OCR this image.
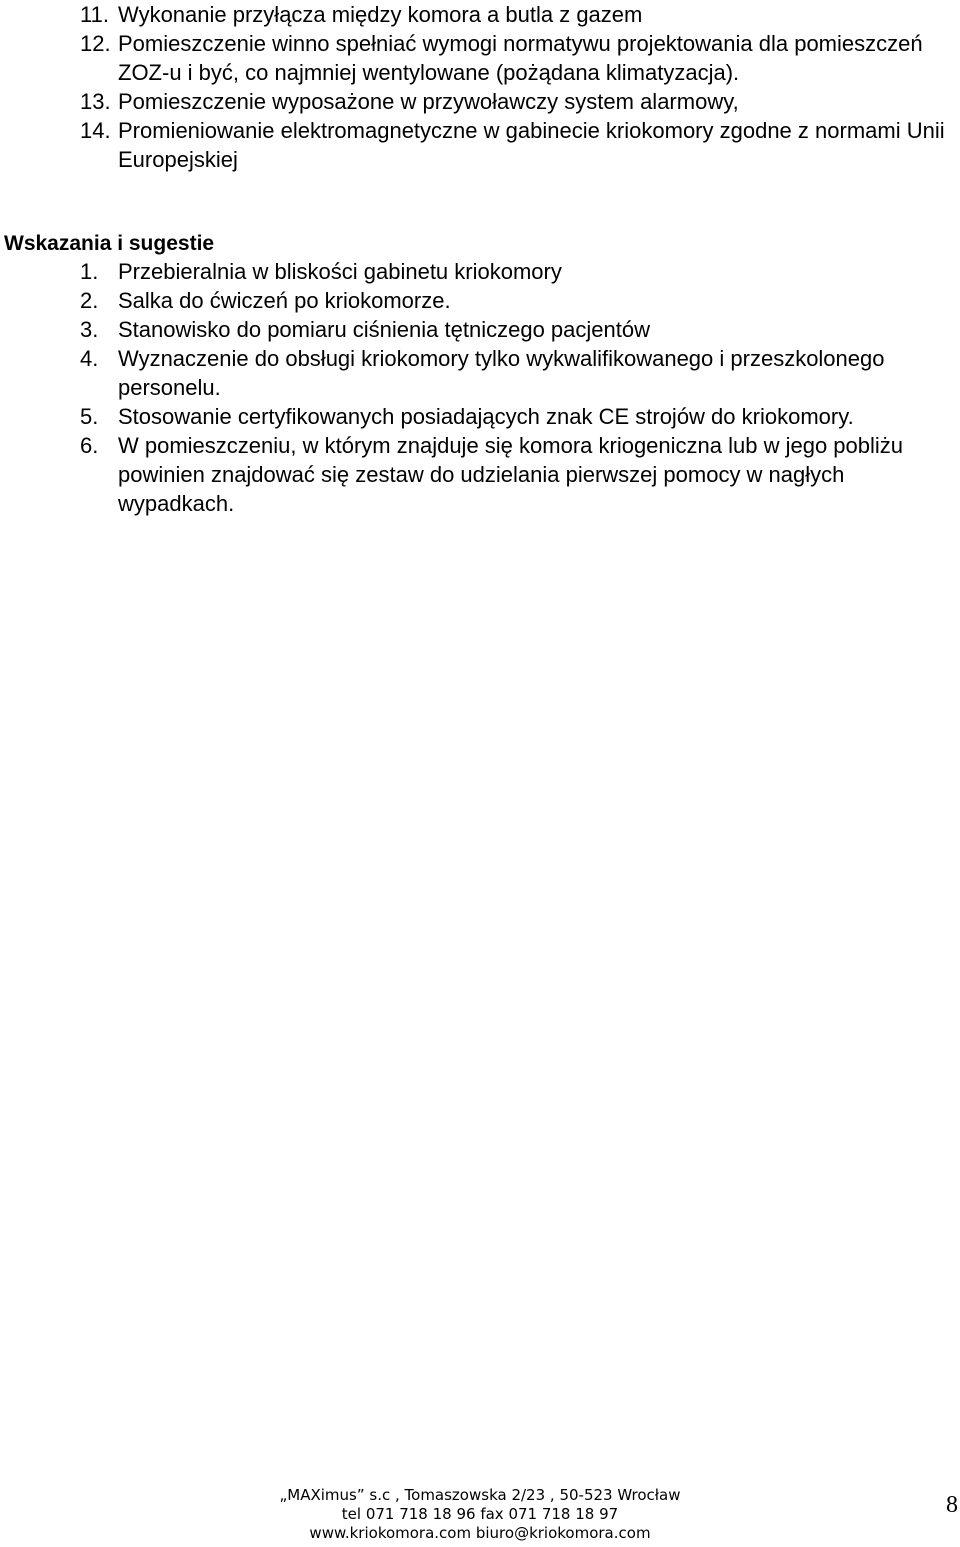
11. Wykonanie przyłącza między komora a butla z gazem
12. Pomieszczenie winno spełniać wymogi normatywu projektowania dla pomieszczeń ZOZ-u i być, co najmniej wentylowane (pożądana klimatyzacja).
13. Pomieszczenie wyposażone w przywoławczy system alarmowy,
14. Promieniowanie elektromagnetyczne w gabinecie kriokomory zgodne z normami Unii Europejskiej
Wskazania i sugestie
1. Przebieralnia w bliskości gabinetu kriokomory
2. Salka do ćwiczeń po kriokomorze.
3. Stanowisko do pomiaru ciśnienia tętniczego pacjentów
4. Wyznaczenie do obsługi kriokomory tylko wykwalifikowanego i przeszkolonego personelu.
5. Stosowanie certyfikowanych posiadających znak CE strojów do kriokomory.
6. W pomieszczeniu, w którym znajduje się komora kriogeniczna lub w jego pobliżu powinien znajdować się zestaw do udzielania pierwszej pomocy w nagłych wypadkach.
„MAXimus” s.c , Tomaszowska 2/23 , 50-523 Wrocław
tel 071 718 18 96 fax 071 718 18 97
www.kriokomora.com biuro@kriokomora.com
8
